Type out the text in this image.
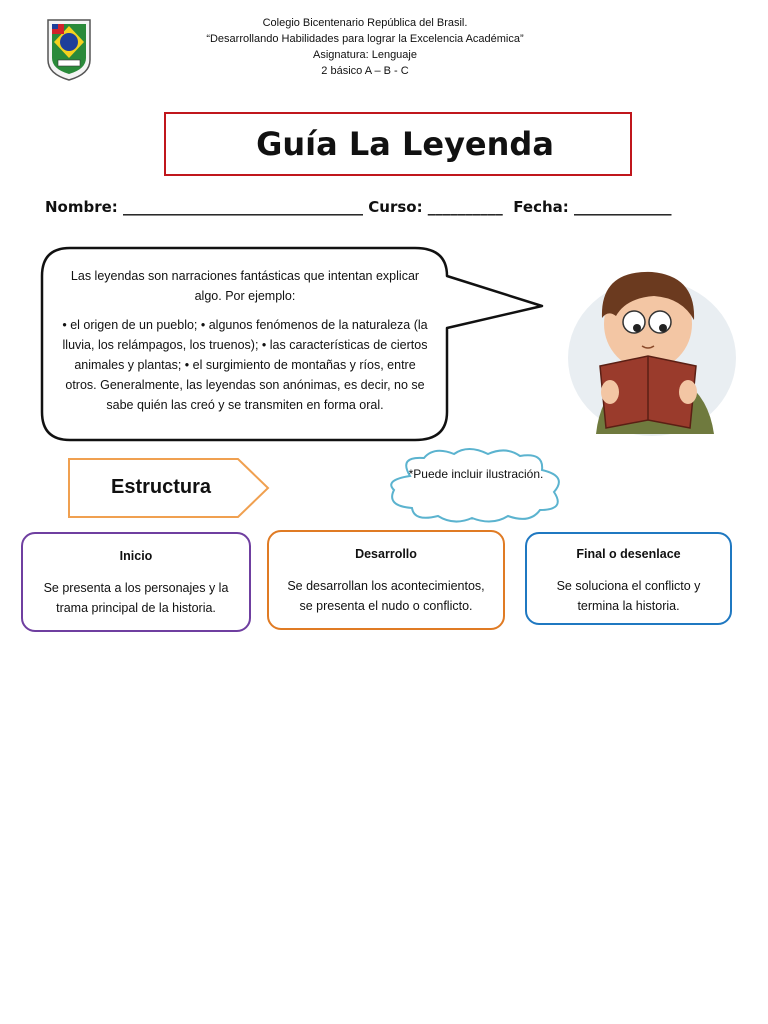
Colegio Bicentenario República del Brasil.
“Desarrollando Habilidades para lograr la Excelencia Académica”
Asignatura: Lenguaje
2 básico A – B - C
Guía La Leyenda
Nombre: ________________________________ Curso: __________ Fecha: _____________

Las leyendas son narraciones fantásticas que intentan explicar algo. Por ejemplo:

• el origen de un pueblo; • algunos fenómenos de la naturaleza (la lluvia, los relámpagos, los truenos); • las características de ciertos animales y plantas; • el surgimiento de montañas y ríos, entre otros. Generalmente, las leyendas son anónimas, es decir, no se sabe quién las creó y se transmiten en forma oral.

Estructura
*Puede incluir ilustración.
Inicio
Se presenta a los personajes y la trama principal de la historia.
Desarrollo
Se desarrollan los acontecimientos, se presenta el nudo o conflicto.
Final o desenlace
Se soluciona el conflicto y termina la historia.
